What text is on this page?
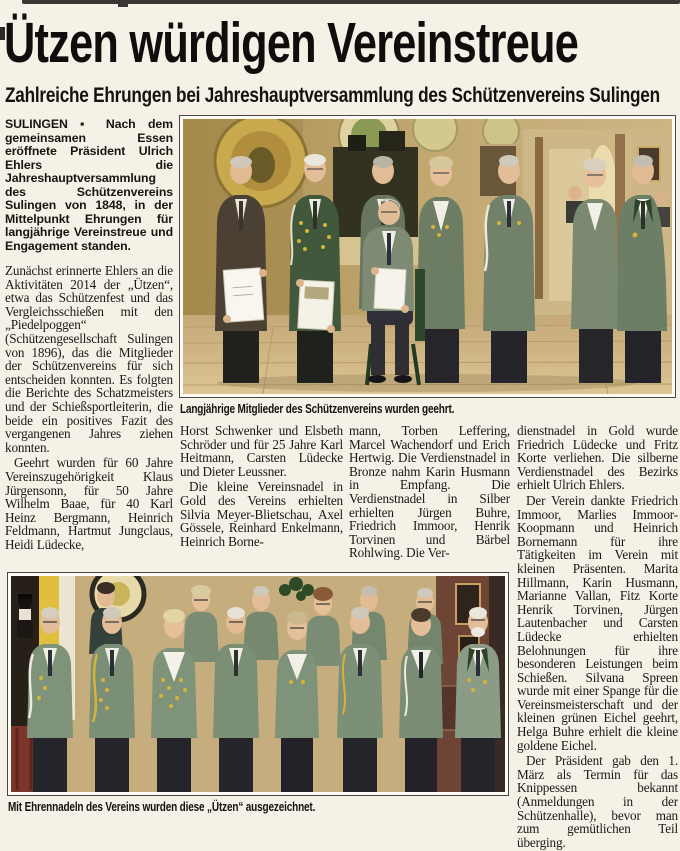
Ützen würdigen Vereinstreue
Zahlreiche Ehrungen bei Jahreshauptversammlung des Schützenvereins Sulingen

SULINGEN ▪ Nach dem gemeinsamen Essen eröffnete Präsident Ulrich Ehlers die Jahreshauptversammlung des Schützenvereins Sulingen von 1848, in der Mittelpunkt Ehrungen für langjährige Vereinstreue und Engagement standen.

Zunächst erinnerte Ehlers an die Aktivitäten 2014 der „Ützen“, etwa das Schützenfest und das Vergleichsschießen mit den „Piedelpoggen“ (Schützengesellschaft Sulingen von 1896), das die Mitglieder der Schützenvereins für sich entscheiden konnten. Es folgten die Berichte des Schatzmeisters und der Schießsportleiterin, die beide ein positives Fazit des vergangenen Jahres ziehen konnten.

Geehrt wurden für 60 Jahre Vereinszugehörigkeit Klaus Jürgensonn, für 50 Jahre Wilhelm Baae, für 40 Karl Heinz Bergmann, Heinrich Feldmann, Hartmut Jungclaus, Heidi Lüdecke,

Langjährige Mitglieder des Schützenvereins wurden geehrt.

Horst Schwenker und Elsbeth Schröder und für 25 Jahre Karl Heitmann, Carsten Lüdecke und Dieter Leussner.

Die kleine Vereinsnadel in Gold des Vereins erhielten Silvia Meyer-Blietschau, Axel Gössele, Reinhard Enkelmann, Heinrich Borne-

mann, Torben Leffering, Marcel Wachendorf und Erich Hertwig. Die Verdienstnadel in Bronze nahm Karin Husmann in Empfang. Die Verdienstnadel in Silber erhielten Jürgen Buhre, Friedrich Immoor, Henrik Torvinen und Bärbel Rohlwing. Die Ver-

dienstnadel in Gold wurde Friedrich Lüdecke und Fritz Korte verliehen. Die silberne Verdienstnadel des Bezirks erhielt Ulrich Ehlers.

Der Verein dankte Friedrich Immoor, Marlies Immoor-Koopmann und Heinrich Bornemann für ihre Tätigkeiten im Verein mit kleinen Präsenten. Marita Hillmann, Karin Husmann, Marianne Vallan, Fitz Korte Henrik Torvinen, Jürgen Lautenbacher und Carsten Lüdecke erhielten Belohnungen für ihre besonderen Leistungen beim Schießen. Silvana Spreen wurde mit einer Spange für die Vereinsmeisterschaft und der kleinen grünen Eichel geehrt, Helga Buhre erhielt die kleine goldene Eichel.

Der Präsident gab den 1. März als Termin für das Knippessen bekannt (Anmeldungen in der Schützenhalle), bevor man zum gemütlichen Teil überging.

Mit Ehrennadeln des Vereins wurden diese „Ützen“ ausgezeichnet.
